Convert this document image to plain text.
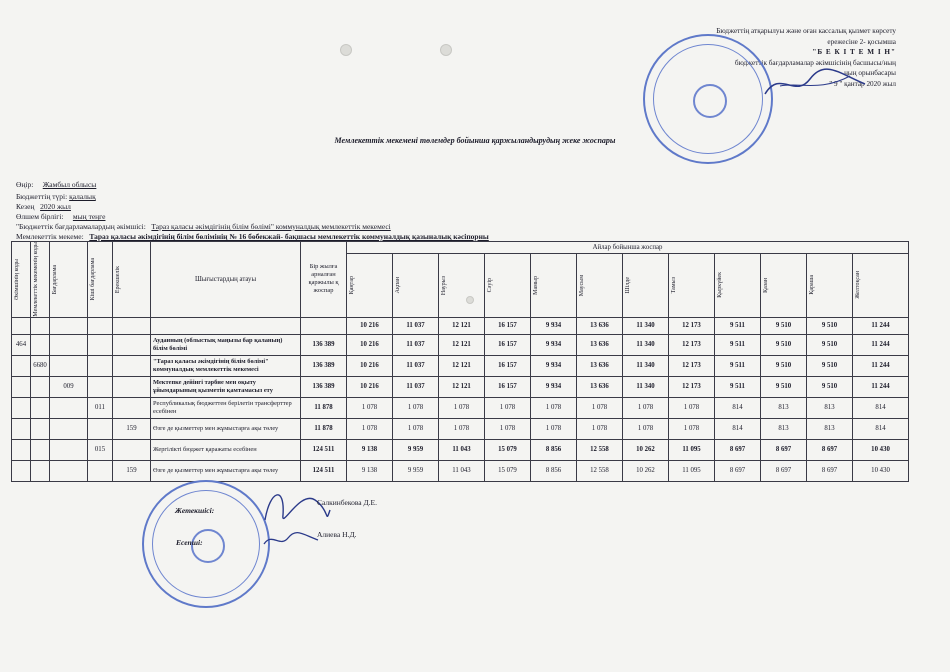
Бюджеттің атқарылуы және оған кассалық қызмет көрсету
ережесіне 2- қосымша
"Б Е К І Т Е М І Н"
бюджеттік бағдарламалар әкімшісінің басшысы/ның
ның орынбасары
" 9 " қантар 2020 жыл
Мемлекеттік мекемені төлемдер бойынша қаржыландырудың жеке жоспары
Өңір: Жамбыл облысы
Бюджеттің түрі: қалалық
Кезең 2020 жыл
Өлшем бірлігі: мың теңге
"Бюджеттік бағдарламалардың әкімшісі: Тараз қаласы әкімдігінің білім бөлімі" коммуналдық мемлекеттік мекемесі
Мемлекеттік мекеме: Тараз қаласы әкімдігінің білім бөлімінің № 16 бөбекжай- бақшасы мемлекеттік коммуналдық қазыналық кәсіпорны
Әкімшінің коды	Мемлекеттік мекеменің коды	Бағдарлама	Кіші бағдарлама	Ерекшелік	Шығыстардың атауы	Бір жылға арналған қаржылы қ жоспар	Айлар бойынша жоспар											

							Қаңтар	Ақпан	Наурыз	Сәуір	Мамыр	Маусым	Шілде	Тамыз	Қыркүйек	Қазан	Қараша	Желтоқсан

							10 216	11 037	12 121	16 157	9 934	13 636	11 340	12 173	9 511	9 510	9 510	11 244
464					Ауданның (облыстық маңызы бар қаланың) білім бөлімі	136 389	10 216	11 037	12 121	16 157	9 934	13 636	11 340	12 173	9 511	9 510	9 510	11 244
	6680				"Тараз қаласы әкімдігінің білім бөлімі" коммуналдық мемлекеттік мекемесі	136 389	10 216	11 037	12 121	16 157	9 934	13 636	11 340	12 173	9 511	9 510	9 510	11 244
		009			Мектепке дейінгі тәрбие мен оқыту ұйымдарының қызметін қамтамасыз ету	136 389	10 216	11 037	12 121	16 157	9 934	13 636	11 340	12 173	9 511	9 510	9 510	11 244
			011		Республикалық бюджеттен берілетін трансферттер есебінен	11 878	1 078	1 078	1 078	1 078	1 078	1 078	1 078	1 078	814	813	813	814
				159	Өзге де қызметтер мен жұмыстарға ақы төлеу	11 878	1 078	1 078	1 078	1 078	1 078	1 078	1 078	1 078	814	813	813	814
			015		Жергілікті бюджет қаражаты есебінен	124 511	9 138	9 959	11 043	15 079	8 856	12 558	10 262	11 095	8 697	8 697	8 697	10 430
				159	Өзге де қызметтер мен жұмыстарға ақы төлеу	124 511	9 138	9 959	11 043	15 079	8 856	12 558	10 262	11 095	8 697	8 697	8 697	10 430
Жетекшісі:
Салкинбекова Д.Е.
Есепші:
Алиева Н.Д.
